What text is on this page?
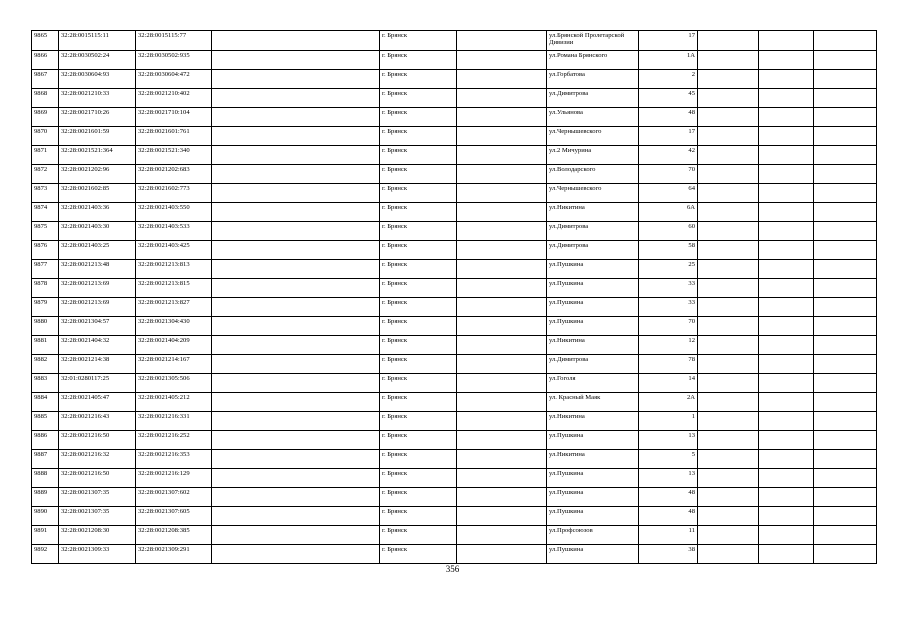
9865	32:28:0015115:11	32:28:0015115:77		г. Брянск		ул.Брянской Пролетарской Дивизии	17			
9866	32:28:0030502:24	32:28:0030502:935		г. Брянск		ул.Романа Брянского	1А			
9867	32:28:0030604:93	32:28:0030604:472		г. Брянск		ул.Горбатова	2			
9868	32:28:0021210:33	32:28:0021210:402		г. Брянск		ул.Димитрова	45			
9869	32:28:0021710:26	32:28:0021710:104		г. Брянск		ул.Ульянова	48			
9870	32:28:0021601:59	32:28:0021601:761		г. Брянск		ул.Чернышевского	17			
9871	32:28:0021521:364	32:28:0021521:340		г. Брянск		ул.2 Мичурина	42			
9872	32:28:0021202:96	32:28:0021202:683		г. Брянск		ул.Володарского	70			
9873	32:28:0021602:85	32:28:0021602:773		г. Брянск		ул.Чернышевского	64			
9874	32:28:0021403:36	32:28:0021403:550		г. Брянск		ул.Никитина	6А			
9875	32:28:0021403:30	32:28:0021403:533		г. Брянск		ул.Димитрова	60			
9876	32:28:0021403:25	32:28:0021403:425		г. Брянск		ул.Димитрова	58			
9877	32:28:0021213:48	32:28:0021213:813		г. Брянск		ул.Пушкина	25			
9878	32:28:0021213:69	32:28:0021213:815		г. Брянск		ул.Пушкина	33			
9879	32:28:0021213:69	32:28:0021213:827		г. Брянск		ул.Пушкина	33			
9880	32:28:0021304:57	32:28:0021304:430		г. Брянск		ул.Пушкина	70			
9881	32:28:0021404:32	32:28:0021404:209		г. Брянск		ул.Никитина	12			
9882	32:28:0021214:38	32:28:0021214:167		г. Брянск		ул.Димитрова	78			
9883	32:01:0280117:25	32:28:0021305:506		г. Брянск		ул.Гоголя	14			
9884	32:28:0021405:47	32:28:0021405:212		г. Брянск		ул. Красный Маяк	2А			
9885	32:28:0021216:43	32:28:0021216:331		г. Брянск		ул.Никитина	1			
9886	32:28:0021216:50	32:28:0021216:252		г. Брянск		ул.Пушкина	13			
9887	32:28:0021216:32	32:28:0021216:353		г. Брянск		ул.Никитина	5			
9888	32:28:0021216:50	32:28:0021216:129		г. Брянск		ул.Пушкина	13			
9889	32:28:0021307:35	32:28:0021307:602		г. Брянск		ул.Пушкина	48			
9890	32:28:0021307:35	32:28:0021307:605		г. Брянск		ул.Пушкина	48			
9891	32:28:0021208:30	32:28:0021208:385		г. Брянск		ул.Профсоюзов	11			
9892	32:28:0021309:33	32:28:0021309:291		г. Брянск		ул.Пушкина	38			
356
